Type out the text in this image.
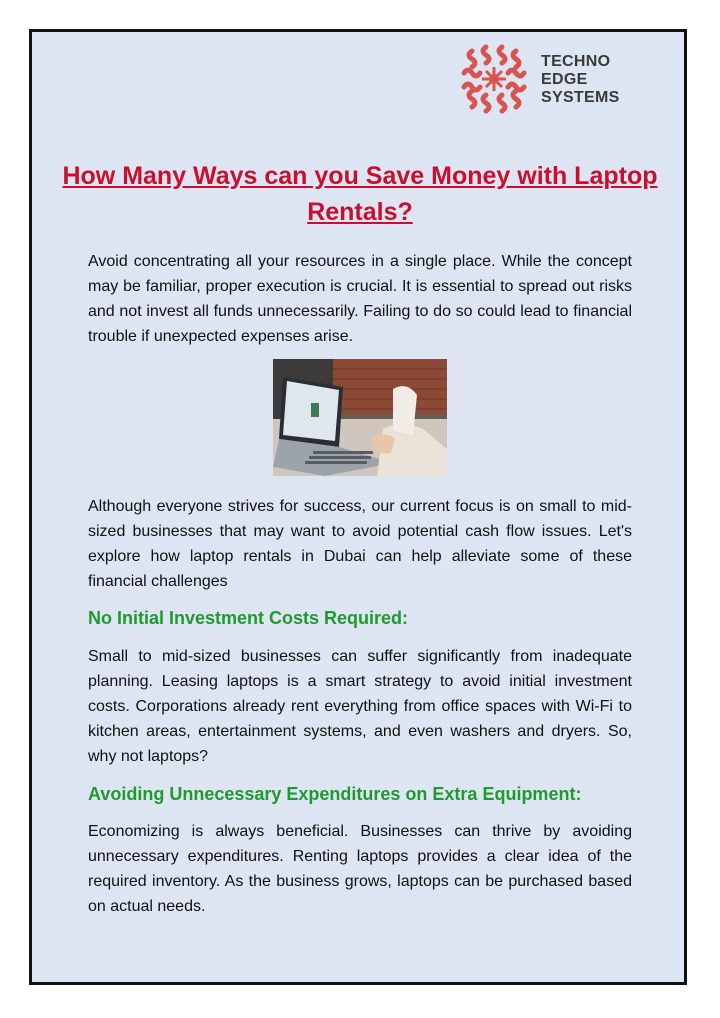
TECHNO
EDGE
SYSTEMS
How Many Ways can you Save Money with Laptop Rentals?

Avoid concentrating all your resources in a single place. While the concept may be familiar, proper execution is crucial. It is essential to spread out risks and not invest all funds unnecessarily. Failing to do so could lead to financial trouble if unexpected expenses arise.

Although everyone strives for success, our current focus is on small to mid-sized businesses that may want to avoid potential cash flow issues. Let's explore how laptop rentals in Dubai can help alleviate some of these financial challenges

No Initial Investment Costs Required:

Small to mid-sized businesses can suffer significantly from inadequate planning. Leasing laptops is a smart strategy to avoid initial investment costs. Corporations already rent everything from office spaces with Wi-Fi to kitchen areas, entertainment systems, and even washers and dryers. So, why not laptops?

Avoiding Unnecessary Expenditures on Extra Equipment:

Economizing is always beneficial. Businesses can thrive by avoiding unnecessary expenditures. Renting laptops provides a clear idea of the required inventory. As the business grows, laptops can be purchased based on actual needs.
